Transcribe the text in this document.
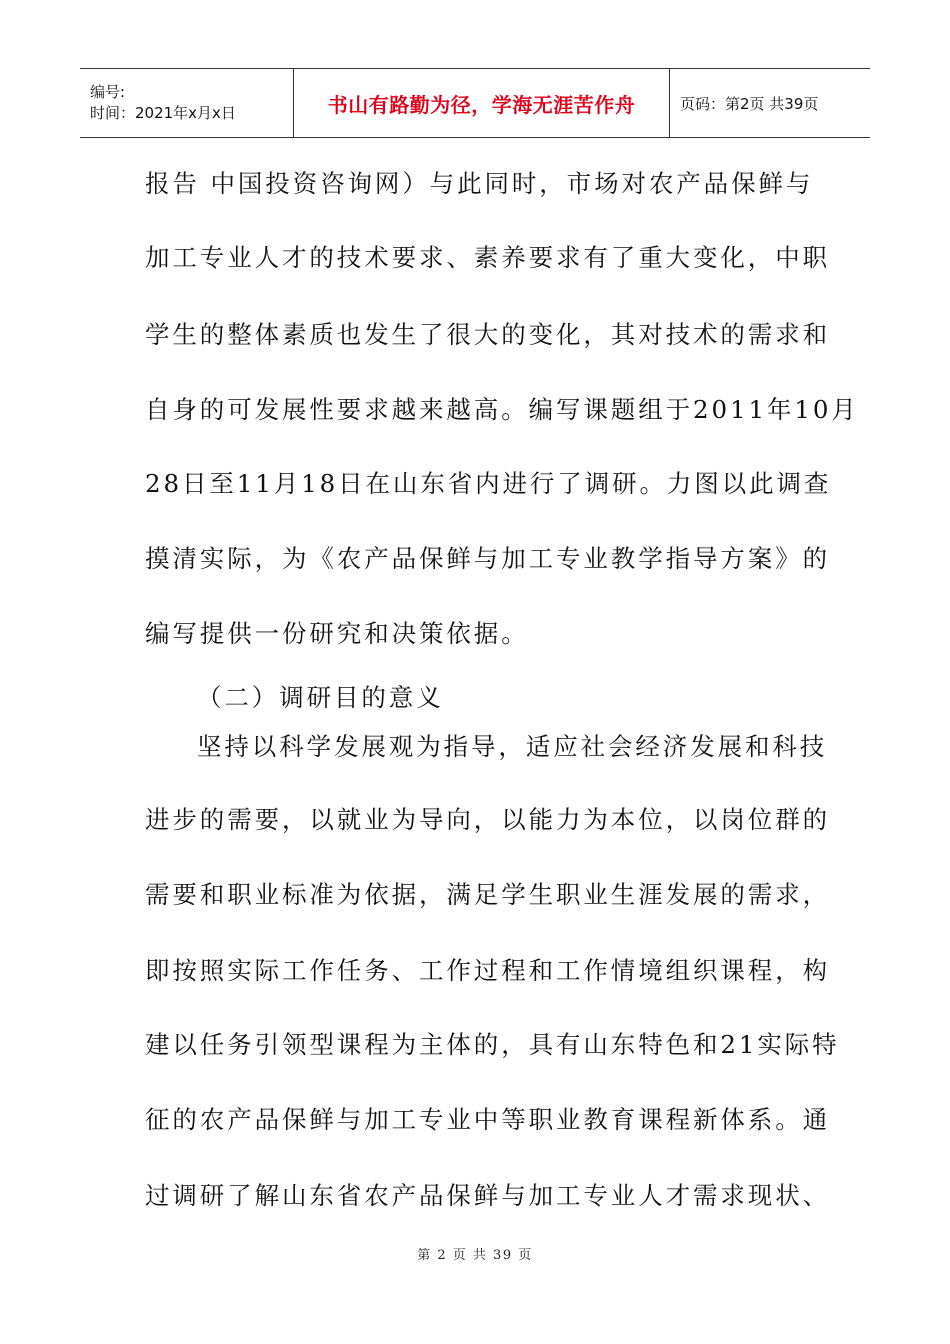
编号:
时间：2021年x月x日	书山有路勤为径，学海无涯苦作舟	页码：第2页 共39页
报告 中国投资咨询网）与此同时，市场对农产品保鲜与
加工专业人才的技术要求、素养要求有了重大变化，中职
学生的整体素质也发生了很大的变化，其对技术的需求和
自身的可发展性要求越来越高。编写课题组于2011年10月
28日至11月18日在山东省内进行了调研。力图以此调查
摸清实际，为《农产品保鲜与加工专业教学指导方案》的
编写提供一份研究和决策依据。
（二）调研目的意义
坚持以科学发展观为指导，适应社会经济发展和科技
进步的需要，以就业为导向，以能力为本位，以岗位群的
需要和职业标准为依据，满足学生职业生涯发展的需求，
即按照实际工作任务、工作过程和工作情境组织课程，构
建以任务引领型课程为主体的，具有山东特色和21实际特
征的农产品保鲜与加工专业中等职业教育课程新体系。通
过调研了解山东省农产品保鲜与加工专业人才需求现状、
第 2 页 共 39 页
